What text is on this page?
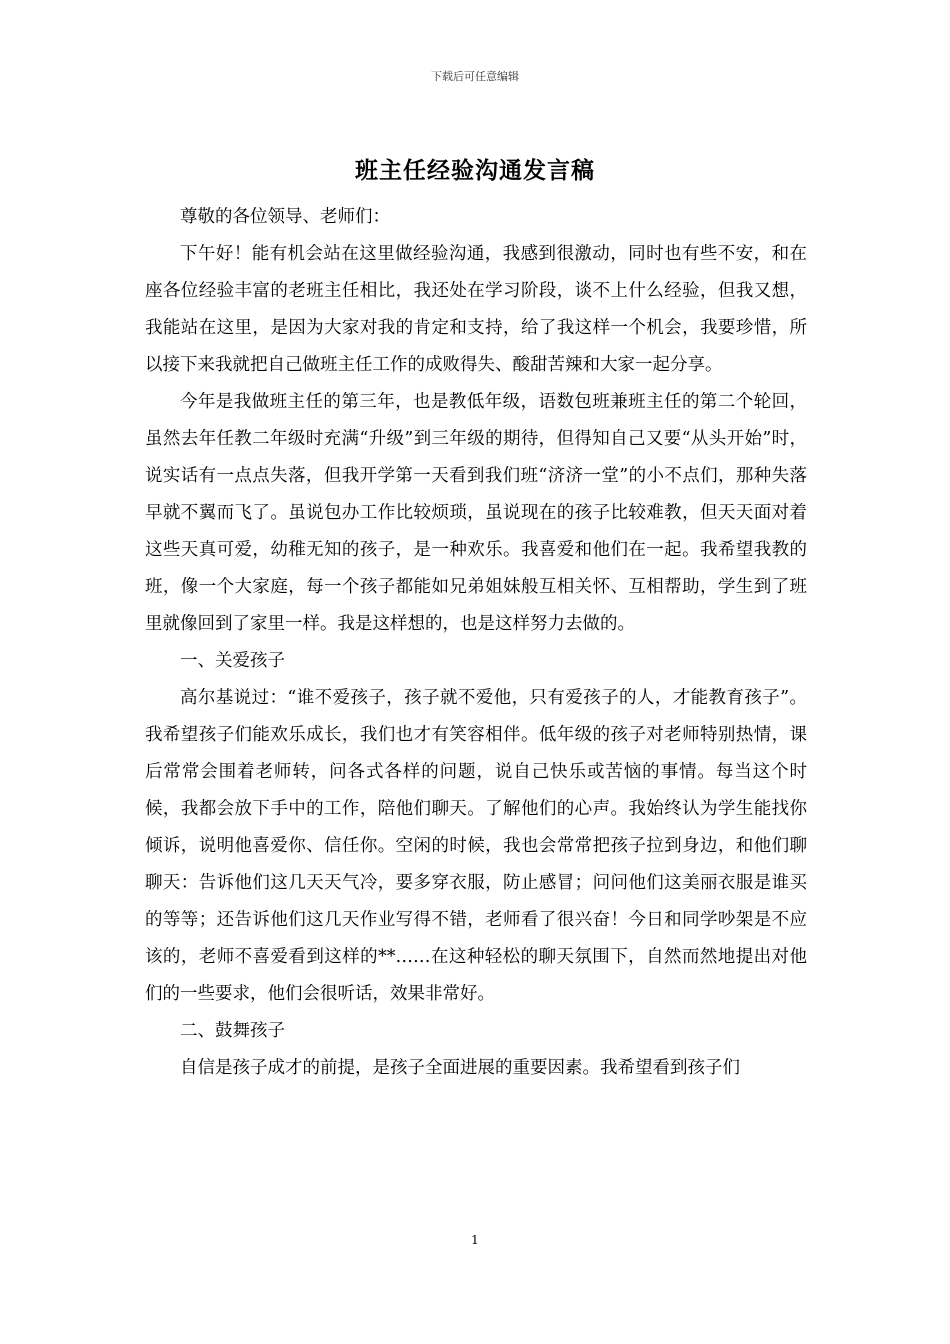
下载后可任意编辑
班主任经验沟通发言稿

尊敬的各位领导、老师们：

下午好！能有机会站在这里做经验沟通，我感到很激动，同时也有些不安，和在座各位经验丰富的老班主任相比，我还处在学习阶段，谈不上什么经验，但我又想，我能站在这里，是因为大家对我的肯定和支持，给了我这样一个机会，我要珍惜，所以接下来我就把自己做班主任工作的成败得失、酸甜苦辣和大家一起分享。

今年是我做班主任的第三年，也是教低年级，语数包班兼班主任的第二个轮回，虽然去年任教二年级时充满“升级”到三年级的期待，但得知自己又要“从头开始”时，说实话有一点点失落，但我开学第一天看到我们班“济济一堂”的小不点们，那种失落早就不翼而飞了。虽说包办工作比较烦琐，虽说现在的孩子比较难教，但天天面对着这些天真可爱，幼稚无知的孩子，是一种欢乐。我喜爱和他们在一起。我希望我教的班，像一个大家庭，每一个孩子都能如兄弟姐妹般互相关怀、互相帮助，学生到了班里就像回到了家里一样。我是这样想的，也是这样努力去做的。

一、关爱孩子

高尔基说过：“谁不爱孩子，孩子就不爱他，只有爱孩子的人，才能教育孩子”。我希望孩子们能欢乐成长，我们也才有笑容相伴。低年级的孩子对老师特别热情，课后常常会围着老师转，问各式各样的问题，说自己快乐或苦恼的事情。每当这个时候，我都会放下手中的工作，陪他们聊天。了解他们的心声。我始终认为学生能找你倾诉，说明他喜爱你、信任你。空闲的时候，我也会常常把孩子拉到身边，和他们聊聊天：告诉他们这几天天气冷，要多穿衣服，防止感冒；问问他们这美丽衣服是谁买的等等；还告诉他们这几天作业写得不错，老师看了很兴奋！今日和同学吵架是不应该的，老师不喜爱看到这样的**……在这种轻松的聊天氛围下，自然而然地提出对他们的一些要求，他们会很听话，效果非常好。

二、鼓舞孩子

自信是孩子成才的前提，是孩子全面进展的重要因素。我希望看到孩子们

1
